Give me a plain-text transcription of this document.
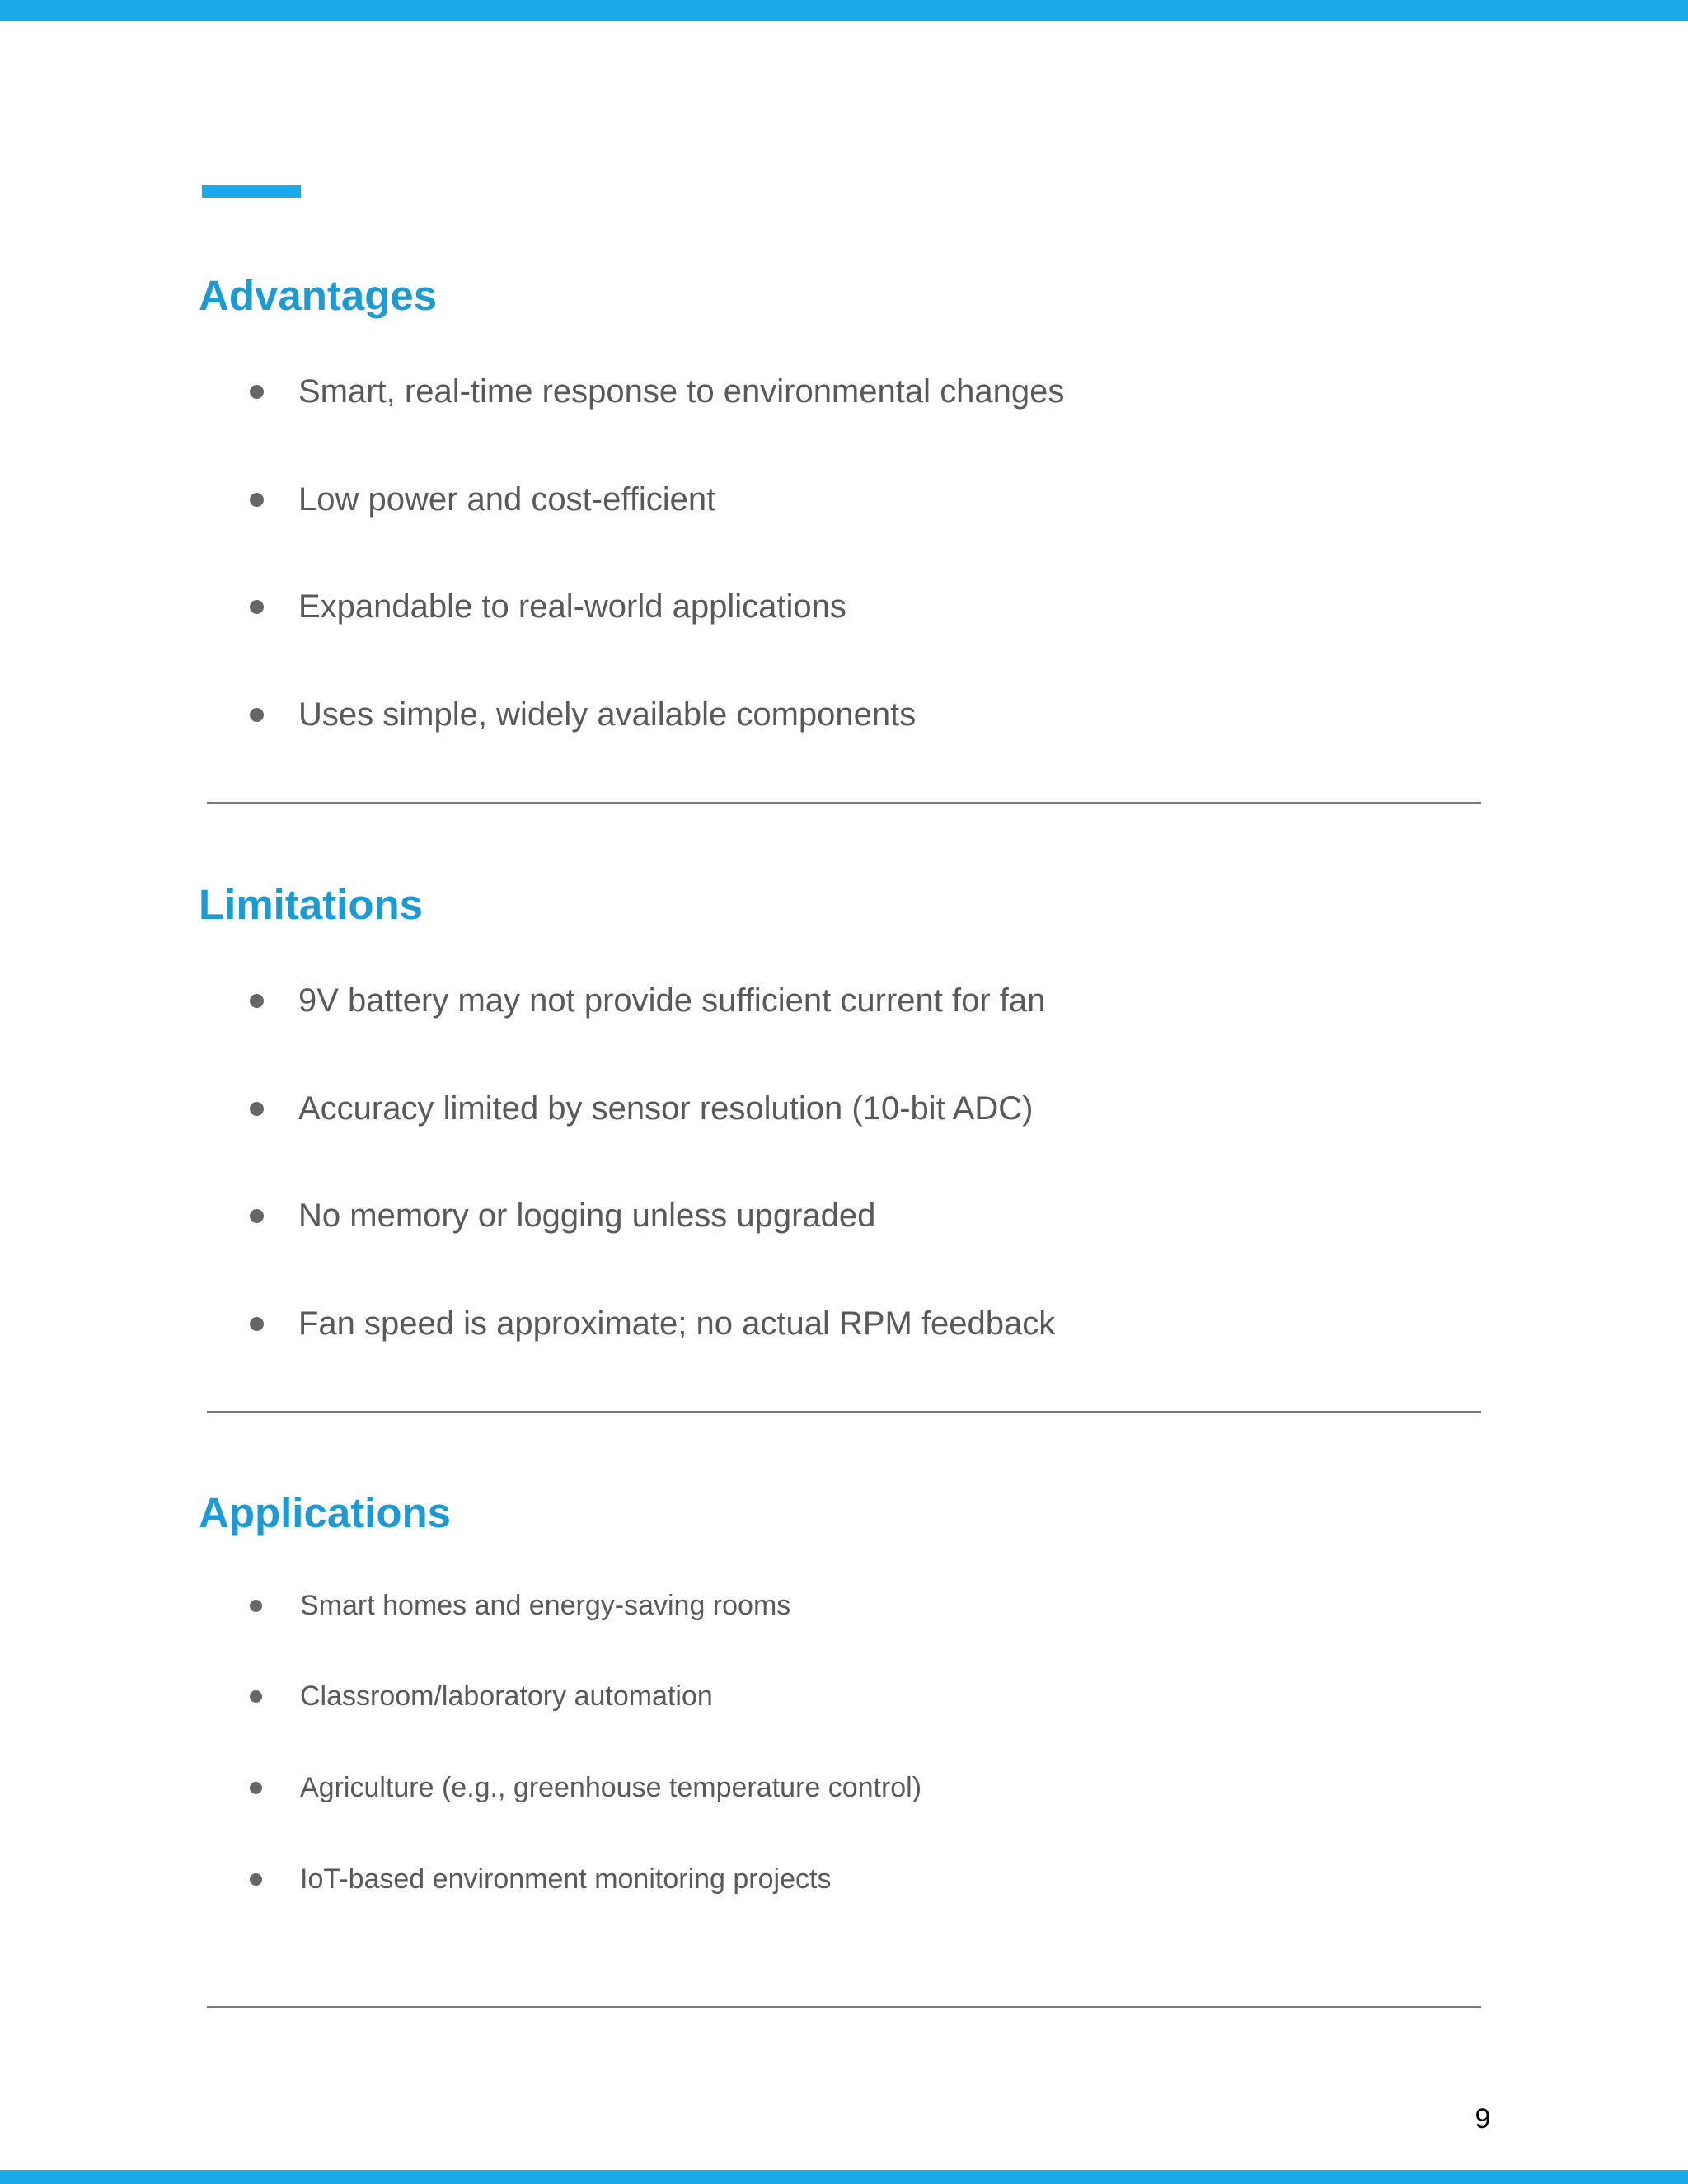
Advantages
Smart, real-time response to environmental changes
Low power and cost-efficient
Expandable to real-world applications
Uses simple, widely available components
Limitations
9V battery may not provide sufficient current for fan
Accuracy limited by sensor resolution (10-bit ADC)
No memory or logging unless upgraded
Fan speed is approximate; no actual RPM feedback
Applications
Smart homes and energy-saving rooms
Classroom/laboratory automation
Agriculture (e.g., greenhouse temperature control)
IoT-based environment monitoring projects
9
